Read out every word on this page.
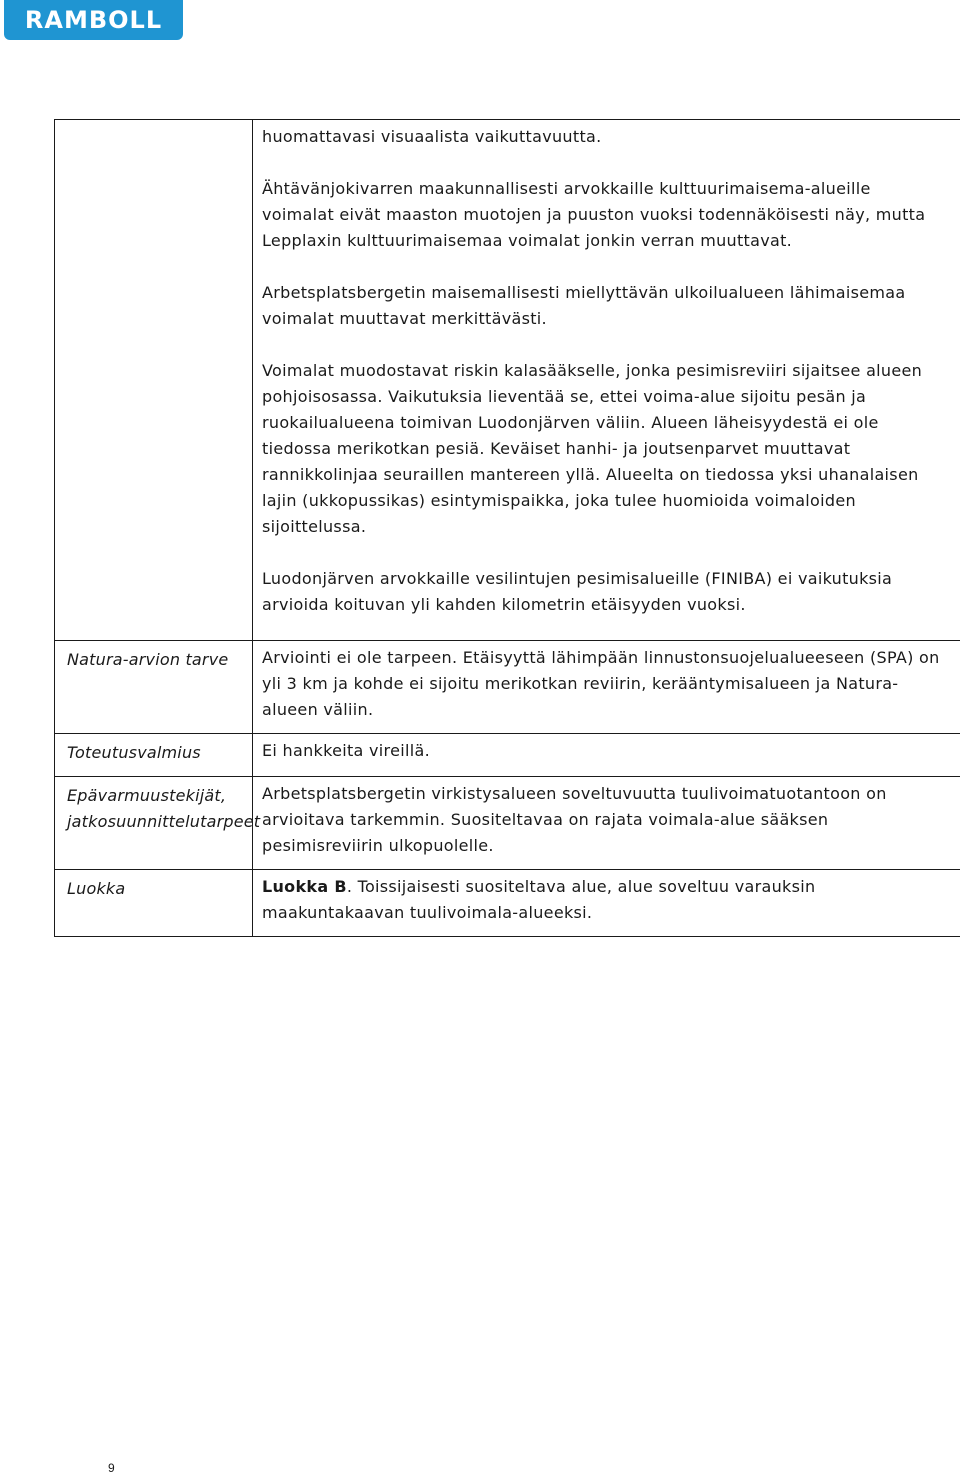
RAMBOLL

	huomattavasi visuaalista vaikuttavuutta.

Ähtävänjokivarren maakunnallisesti arvokkaille kulttuurimaisema-alueille voimalat eivät maaston muotojen ja puuston vuoksi todennäköisesti näy, mutta Lepplaxin kulttuurimaisemaa voimalat jonkin verran muuttavat.

Arbetsplatsbergetin maisemallisesti miellyttävän ulkoilualueen lähimaisemaa voimalat muuttavat merkittävästi.

Voimalat muodostavat riskin kalasääkselle, jonka pesimisreviiri sijaitsee alueen pohjoisosassa. Vaikutuksia lieventää se, ettei voima-alue sijoitu pesän ja ruokailualueena toimivan Luodonjärven väliin. Alueen läheisyydestä ei ole tiedossa merikotkan pesiä. Keväiset hanhi- ja joutsenparvet muuttavat rannikkolinjaa seuraillen mantereen yllä. Alueelta on tiedossa yksi uhanalaisen lajin (ukkopussikas) esintymispaikka, joka tulee huomioida voimaloiden sijoittelussa.

Luodonjärven arvokkaille vesilintujen pesimisalueille (FINIBA) ei vaikutuksia arvioida koituvan yli kahden kilometrin etäisyyden vuoksi.

Natura-arvion tarve	Arviointi ei ole tarpeen. Etäisyyttä lähimpään linnustonsuojelualueeseen (SPA) on yli 3 km ja kohde ei sijoitu merikotkan reviirin, kerääntymisalueen ja Natura-alueen väliin.

Toteutusvalmius	Ei hankkeita vireillä.

Epävarmuustekijät, jatkosuunnittelutarpeet	Arbetsplatsbergetin virkistysalueen soveltuvuutta tuulivoimatuotantoon on arvioitava tarkemmin. Suositeltavaa on rajata voimala-alue sääksen pesimisreviirin ulkopuolelle.

Luokka	Luokka B. Toissijaisesti suositeltava alue, alue soveltuu varauksin maakuntakaavan tuulivoimala-alueeksi.
9
